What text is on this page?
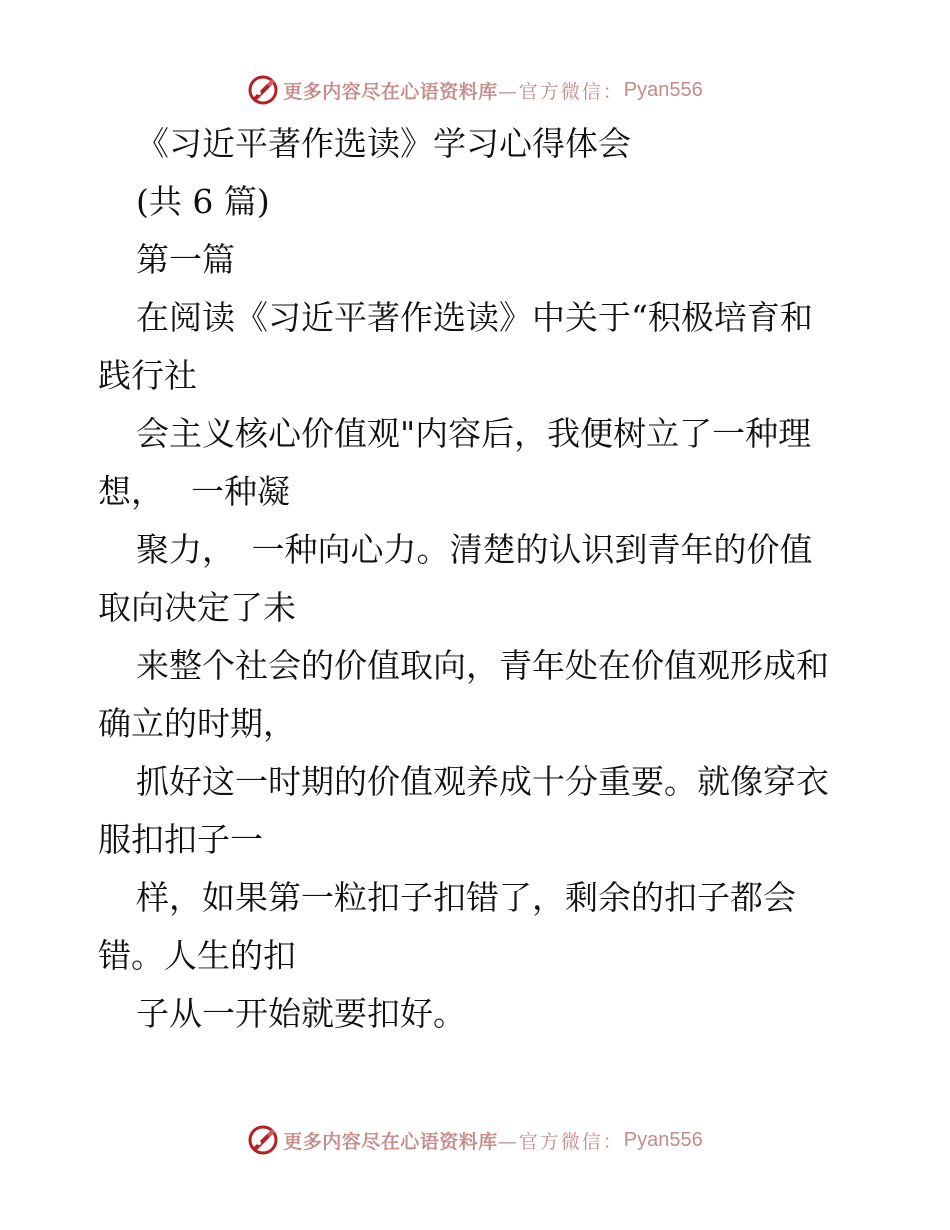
更多内容尽在心语资料库 —官方微信： Pyan556
《习近平著作选读》学习心得体会
(共 6 篇)
第一篇
在阅读《习近平著作选读》中关于“积极培育和
践行社
会主义核心价值观"内容后，我便树立了一种理
想，　 一种凝
聚力，　一种向心力。清楚的认识到青年的价值
取向决定了未
来整个社会的价值取向，青年处在价值观形成和
确立的时期，
抓好这一时期的价值观养成十分重要。就像穿衣
服扣扣子一
样，如果第一粒扣子扣错了，剩余的扣子都会
错。人生的扣
子从一开始就要扣好。
更多内容尽在心语资料库 —官方微信： Pyan556
